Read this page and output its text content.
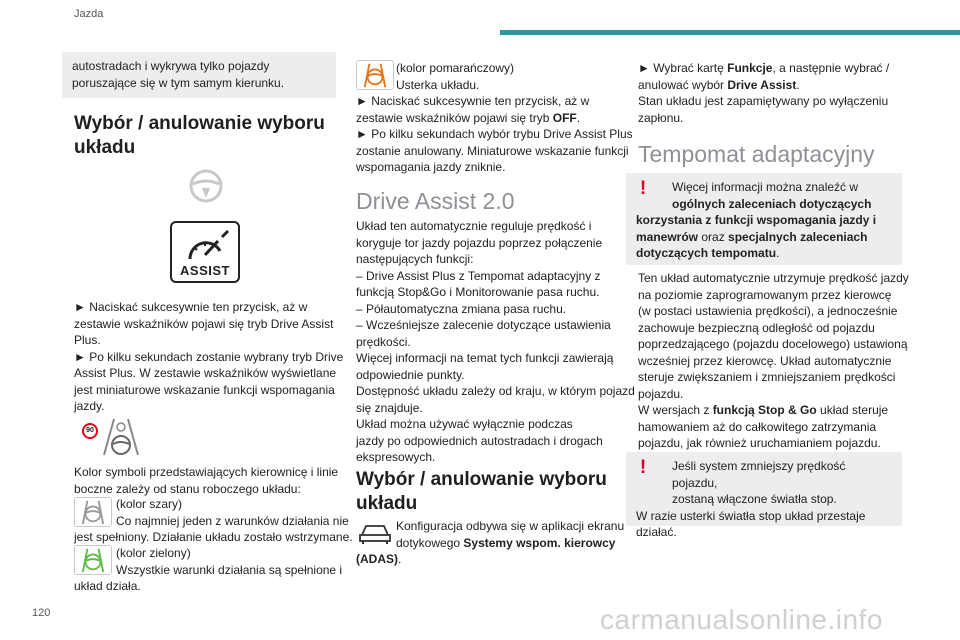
Jazda
autostradach i wykrywa tylko pojazdy
poruszające się w tym samym kierunku.
Wybór / anulowanie wyboru
układu
ASSIST
► Naciskać sukcesywnie ten przycisk, aż w
zestawie wskaźników pojawi się tryb Drive Assist
Plus.
► Po kilku sekundach zostanie wybrany tryb Drive
Assist Plus. W zestawie wskaźników wyświetlane
jest miniaturowe wskazanie funkcji wspomagania
jazdy.
90
Kolor symboli przedstawiających kierownicę i linie
boczne zależy od stanu roboczego układu:
(kolor szary)
Co najmniej jeden z warunków działania nie
jest spełniony. Działanie układu zostało wstrzymane.
(kolor zielony)
Wszystkie warunki działania są spełnione i
układ działa.
120
(kolor pomarańczowy)
Usterka układu.
► Naciskać sukcesywnie ten przycisk, aż w
zestawie wskaźników pojawi się tryb OFF.
► Po kilku sekundach wybór trybu Drive Assist Plus
zostanie anulowany. Miniaturowe wskazanie funkcji
wspomagania jazdy zniknie.
Drive Assist 2.0
Układ ten automatycznie reguluje prędkość i
koryguje tor jazdy pojazdu poprzez połączenie
następujących funkcji:
– Drive Assist Plus z Tempomat adaptacyjny z
funkcją Stop&Go i Monitorowanie pasa ruchu.
– Półautomatyczna zmiana pasa ruchu.
– Wcześniejsze zalecenie dotyczące ustawienia
prędkości.
Więcej informacji na temat tych funkcji zawierają
odpowiednie punkty.
Dostępność układu zależy od kraju, w którym pojazd
się znajduje.
Układ można używać wyłącznie podczas
jazdy po odpowiednich autostradach i drogach
ekspresowych.
Wybór / anulowanie wyboru
układu
Konfiguracja odbywa się w aplikacji ekranu
dotykowego Systemy wspom. kierowcy
(ADAS).
► Wybrać kartę Funkcje, a następnie wybrać /
anulować wybór Drive Assist.
Stan układu jest zapamiętywany po wyłączeniu
zapłonu.
Tempomat adaptacyjny
!	Więcej informacji można znaleźć w
ogólnych zaleceniach dotyczących
korzystania z funkcji wspomagania jazdy i
manewrów oraz specjalnych zaleceniach
dotyczących tempomatu.
Ten układ automatycznie utrzymuje prędkość jazdy
na poziomie zaprogramowanym przez kierowcę
(w postaci ustawienia prędkości), a jednocześnie
zachowuje bezpieczną odległość od pojazdu
poprzedzającego (pojazdu docelowego) ustawioną
wcześniej przez kierowcę. Układ automatycznie
steruje zwiększaniem i zmniejszaniem prędkości
pojazdu.
W wersjach z funkcją Stop & Go układ steruje
hamowaniem aż do całkowitego zatrzymania
pojazdu, jak również uruchamianiem pojazdu.
!	Jeśli system zmniejszy prędkość pojazdu,
zostaną włączone światła stop.
W razie usterki światła stop układ przestaje
działać.
carmanualsonline.info
